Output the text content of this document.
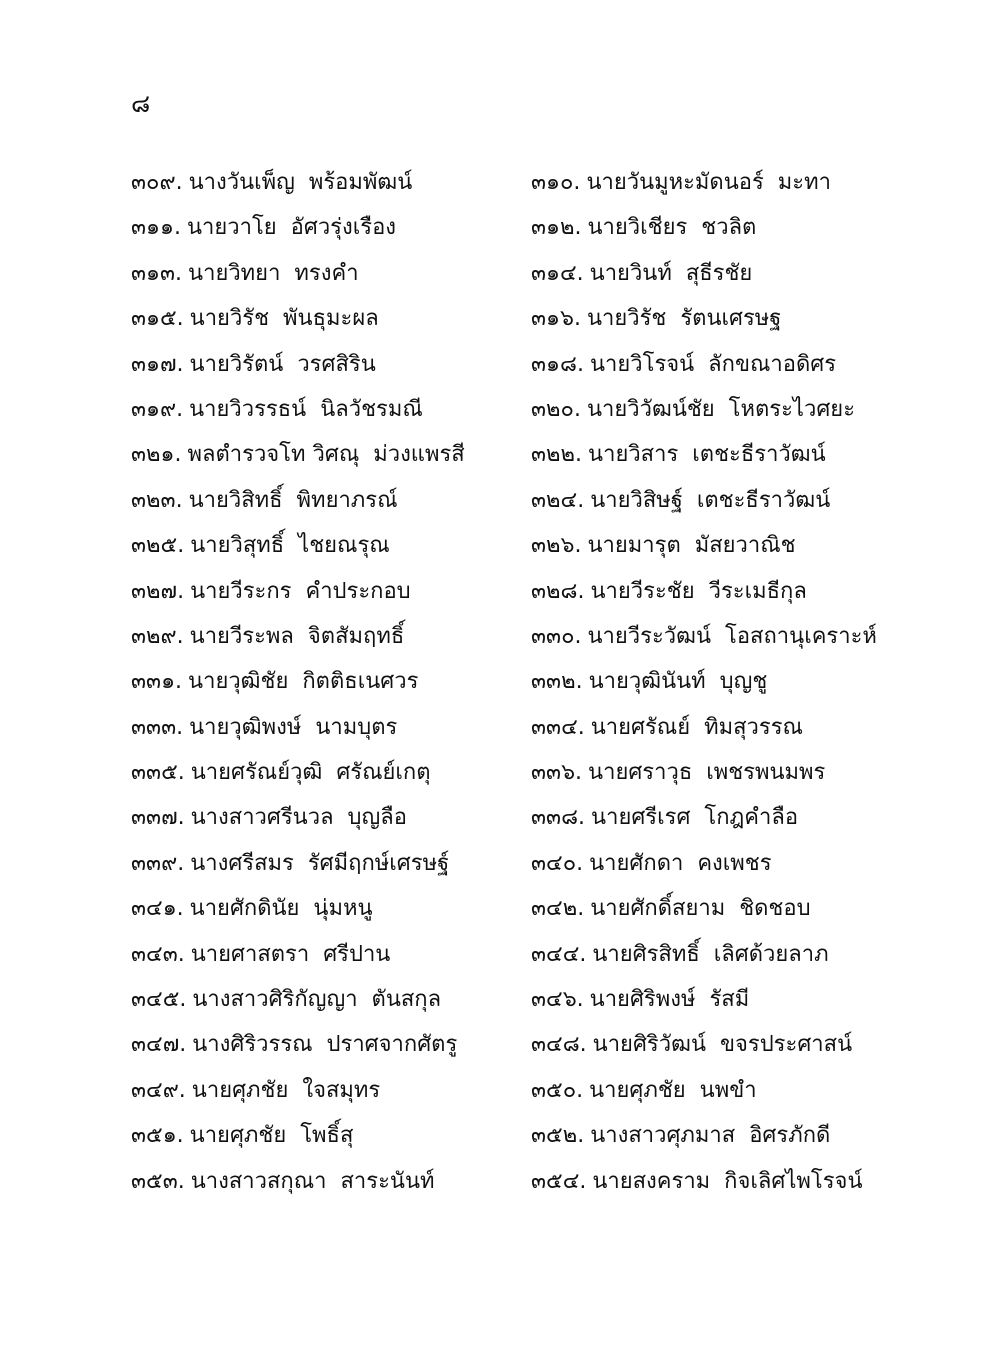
๘
๓๐๙. นางวันเพ็ญ  พร้อมพัฒน์	๓๑๐. นายวันมูหะมัดนอร์  มะทา
๓๑๑. นายวาโย  อัศวรุ่งเรือง	๓๑๒. นายวิเชียร  ชวลิต
๓๑๓. นายวิทยา  ทรงคำ	๓๑๔. นายวินท์  สุธีรชัย
๓๑๕. นายวิรัช  พันธุมะผล	๓๑๖. นายวิรัช  รัตนเศรษฐ
๓๑๗. นายวิรัตน์  วรศสิริน	๓๑๘. นายวิโรจน์  ลักขณาอดิศร
๓๑๙. นายวิวรรธน์  นิลวัชรมณี	๓๒๐. นายวิวัฒน์ชัย  โหตระไวศยะ
๓๒๑. พลตำรวจโท วิศณุ  ม่วงแพรสี	๓๒๒. นายวิสาร  เตชะธีราวัฒน์
๓๒๓. นายวิสิทธิ์  พิทยาภรณ์	๓๒๔. นายวิสิษฐ์  เตชะธีราวัฒน์
๓๒๕. นายวิสุทธิ์  ไชยณรุณ	๓๒๖. นายมารุต  มัสยวาณิช
๓๒๗. นายวีระกร  คำประกอบ	๓๒๘. นายวีระชัย  วีระเมธีกุล
๓๒๙. นายวีระพล  จิตสัมฤทธิ์	๓๓๐. นายวีระวัฒน์  โอสถานุเคราะห์
๓๓๑. นายวุฒิชัย  กิตติธเนศวร	๓๓๒. นายวุฒินันท์  บุญชู
๓๓๓. นายวุฒิพงษ์  นามบุตร	๓๓๔. นายศรัณย์  ทิมสุวรรณ
๓๓๕. นายศรัณย์วุฒิ  ศรัณย์เกตุ	๓๓๖. นายศราวุธ  เพชรพนมพร
๓๓๗. นางสาวศรีนวล  บุญลือ	๓๓๘. นายศรีเรศ  โกฎคำลือ
๓๓๙. นางศรีสมร  รัศมีฤกษ์เศรษฐ์	๓๔๐. นายศักดา  คงเพชร
๓๔๑. นายศักดินัย  นุ่มหนู	๓๔๒. นายศักดิ์สยาม  ชิดชอบ
๓๔๓. นายศาสตรา  ศรีปาน	๓๔๔. นายศิรสิทธิ์  เลิศด้วยลาภ
๓๔๕. นางสาวศิริกัญญา  ตันสกุล	๓๔๖. นายศิริพงษ์  รัสมี
๓๔๗. นางศิริวรรณ  ปราศจากศัตรู	๓๔๘. นายศิริวัฒน์  ขจรประศาสน์
๓๔๙. นายศุภชัย  ใจสมุทร	๓๕๐. นายศุภชัย  นพขำ
๓๕๑. นายศุภชัย  โพธิ์สุ	๓๕๒. นางสาวศุภมาส  อิศรภักดี
๓๕๓. นางสาวสกุณา  สาระนันท์	๓๕๔. นายสงคราม  กิจเลิศไพโรจน์
